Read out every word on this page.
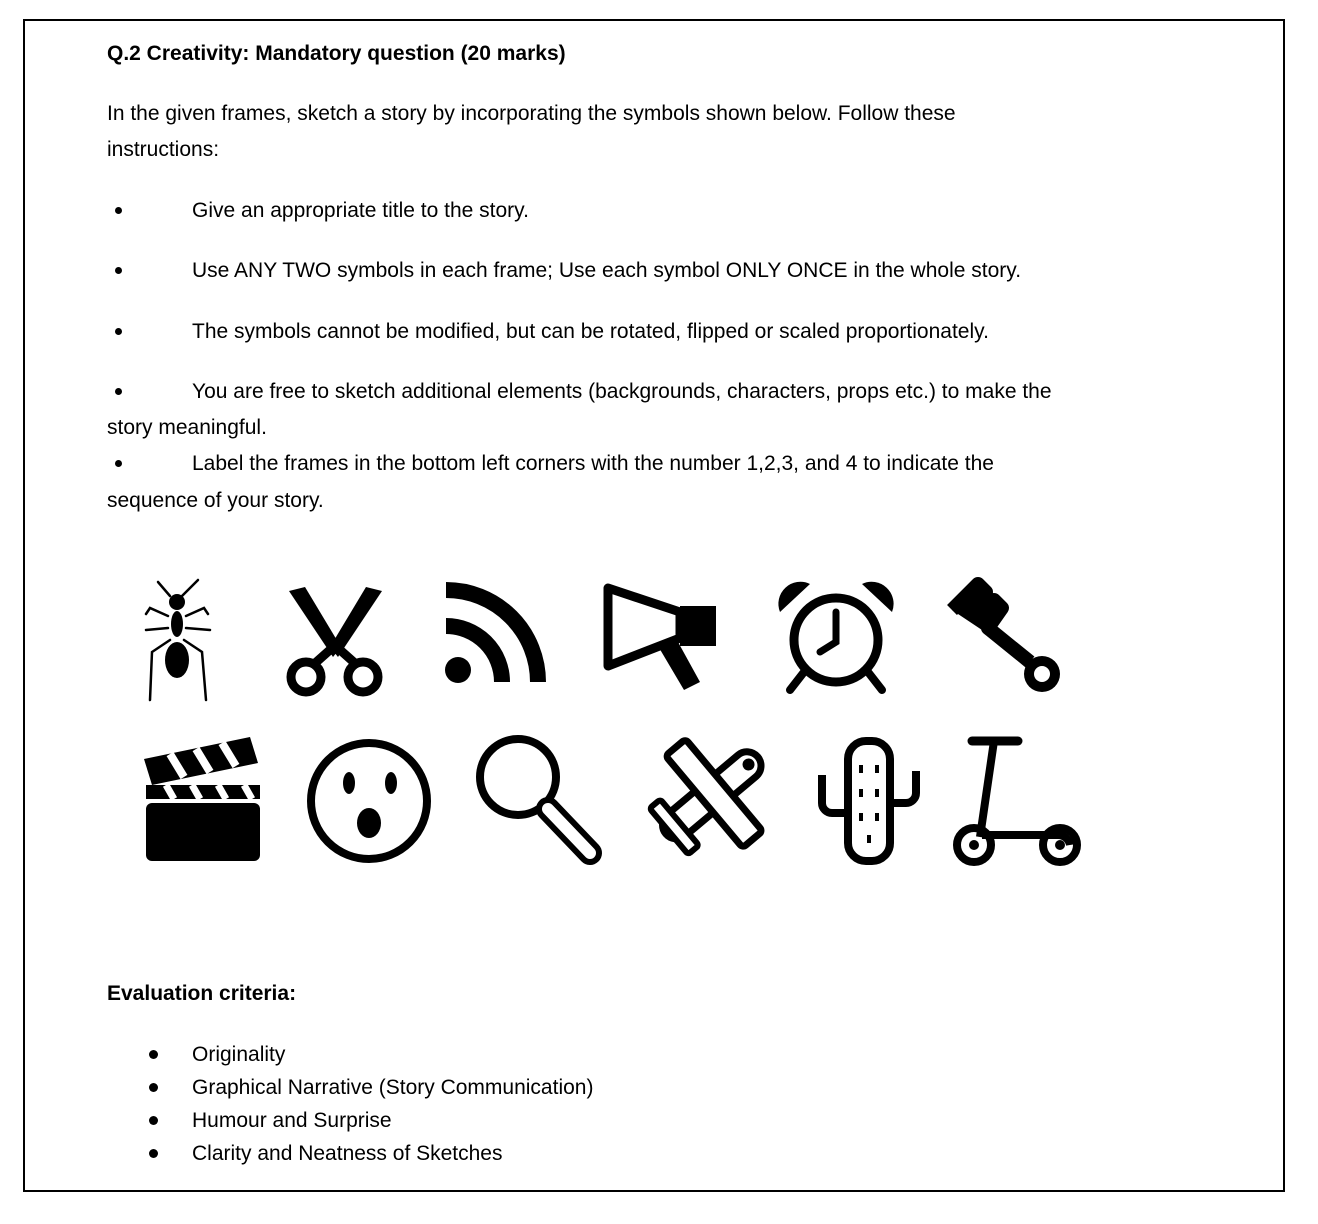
Q.2 Creativity: Mandatory question (20 marks)
In the given frames, sketch a story by incorporating the symbols shown below. Follow these
instructions:
Give an appropriate title to the story.
Use ANY TWO symbols in each frame; Use each symbol ONLY ONCE in the whole story.
The symbols cannot be modified, but can be rotated, flipped or scaled proportionately.
You are free to sketch additional elements (backgrounds, characters, props etc.) to make the
story meaningful.
Label the frames in the bottom left corners with the number 1,2,3, and 4 to indicate the
sequence of your story.
Evaluation criteria:
Originality
Graphical Narrative (Story Communication)
Humour and Surprise
Clarity and Neatness of Sketches
